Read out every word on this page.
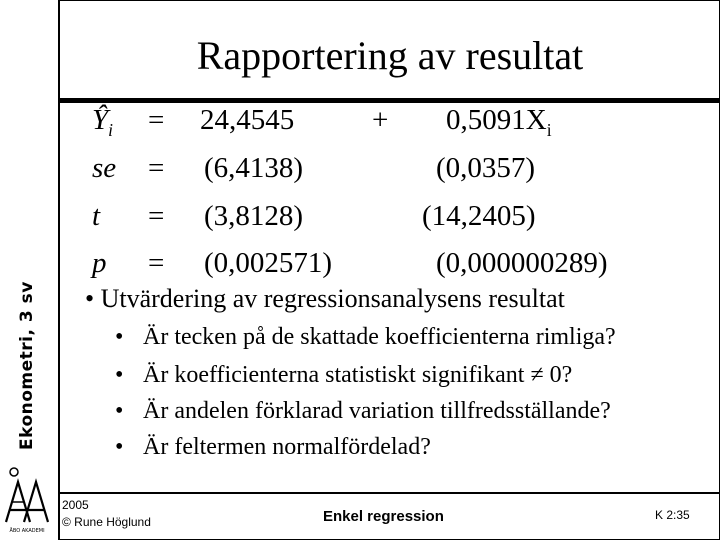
Ekonometri, 3 sv
ÅBO AKADEMI
Rapportering av resultat
$Ŷ_i = 24,4545$	+ $0,5091X_i$
se = (6,4138)	(0,0357)
t = (3,8128)	(14,2405)
p = (0,002571)	(0,000000289)
• Utvärdering av regressionsanalysens resultat
• Är tecken på de skattade koefficienterna rimliga?
• Är koefficienterna statistiskt signifikant ≠ 0?
• Är andelen förklarad variation tillfredsställande?
• Är feltermen normalfördelad?
2005
© Rune Höglund	Enkel regression	K 2:35
